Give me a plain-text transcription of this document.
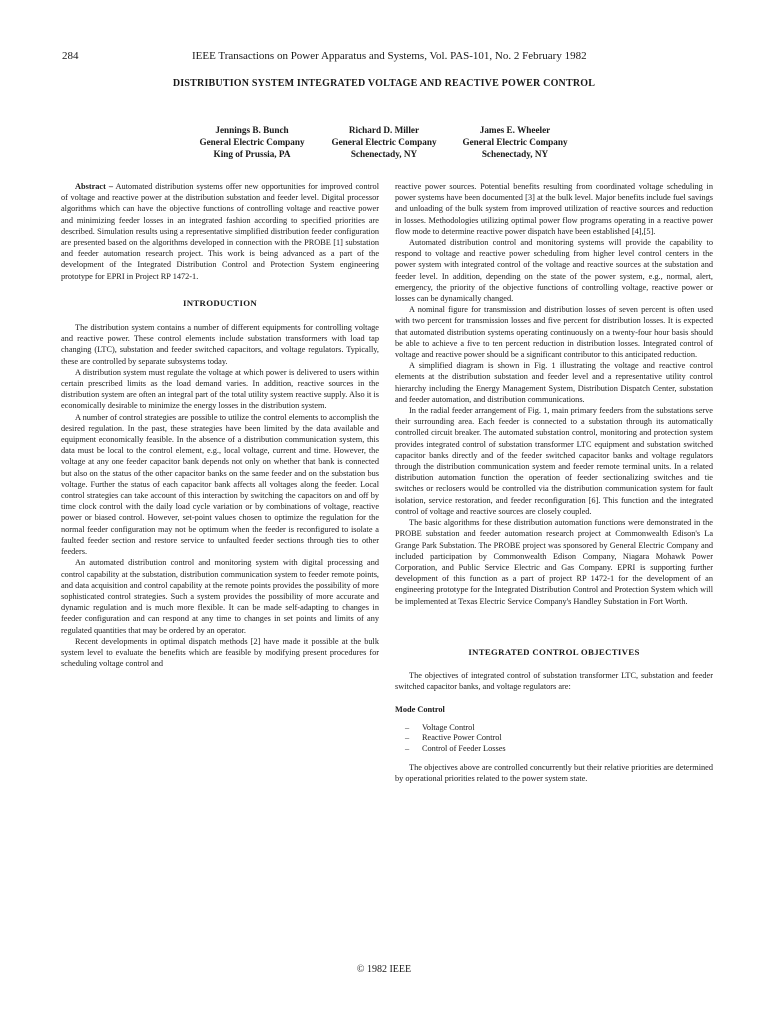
284	IEEE Transactions on Power Apparatus and Systems, Vol. PAS-101, No. 2 February 1982
DISTRIBUTION SYSTEM INTEGRATED VOLTAGE AND REACTIVE POWER CONTROL
Jennings B. Bunch
General Electric Company
King of Prussia, PA
Richard D. Miller
General Electric Company
Schenectady, NY
James E. Wheeler
General Electric Company
Schenectady, NY

Abstract – Automated distribution systems offer new opportunities for improved control of voltage and reactive power at the distribution substation and feeder level. Digital processor algorithms which can have the objective functions of controlling voltage and reactive power and minimizing feeder losses in an integrated fashion according to specified priorities are described. Simulation results using a representative simplified distribution feeder configuration are presented based on the algorithms developed in connection with the PROBE [1] substation and feeder automation research project. This work is being advanced as a part of the development of the Integrated Distribution Control and Protection System engineering prototype for EPRI in Project RP 1472-1.

INTRODUCTION

The distribution system contains a number of different equipments for controlling voltage and reactive power. These control elements include substation transformers with load tap changing (LTC), substation and feeder switched capacitors, and voltage regulators. Typically, these are controlled by separate subsystems today.

A distribution system must regulate the voltage at which power is delivered to users within certain prescribed limits as the load demand varies. In addition, reactive sources in the distribution system are often an integral part of the total utility system reactive supply. Also it is economically desirable to minimize the energy losses in the distribution system.

A number of control strategies are possible to utilize the control elements to accomplish the desired regulation. In the past, these strategies have been limited by the data available and equipment economically feasible. In the absence of a distribution communication system, this data must be local to the control element, e.g., local voltage, current and time. However, the voltage at any one feeder capacitor bank depends not only on whether that bank is connected but also on the status of the other capacitor banks on the same feeder and on the substation bus voltage. Further the status of each capacitor bank affects all voltages along the feeder. Local control strategies can take account of this interaction by switching the capacitors on and off by time clock control with the daily load cycle variation or by combinations of voltage, reactive power or biased control. However, set-point values chosen to optimize the regulation for the normal feeder configuration may not be optimum when the feeder is reconfigured to isolate a faulted feeder section and restore service to unfaulted feeder sections through ties to other feeders.

An automated distribution control and monitoring system with digital processing and control capability at the substation, distribution communication system to feeder remote points, and data acquisition and control capability at the remote points provides the possibility of more sophisticated control strategies. Such a system provides the possibility of more accurate and dynamic regulation and is much more flexible. It can be made self-adapting to changes in feeder configuration and can respond at any time to changes in set points and limits of any regulated quantities that may be ordered by an operator.

Recent developments in optimal dispatch methods [2] have made it possible at the bulk system level to evaluate the benefits which are feasible by modifying present procedures for scheduling voltage control and

reactive power sources. Potential benefits resulting from coordinated voltage scheduling in power systems have been documented [3] at the bulk level. Major benefits include fuel savings and unloading of the bulk system from improved utilization of reactive sources and reduction in losses. Methodologies utilizing optimal power flow programs operating in a reactive power flow mode to determine reactive power dispatch have been established [4],[5].

Automated distribution control and monitoring systems will provide the capability to respond to voltage and reactive power scheduling from higher level control centers in the power system with integrated control of the voltage and reactive sources at the substation and feeder level. In addition, depending on the state of the power system, e.g., normal, alert, emergency, the priority of the objective functions of controlling voltage, reactive power or losses can be dynamically changed.

A nominal figure for transmission and distribution losses of seven percent is often used with two percent for transmission losses and five percent for distribution losses. It is expected that automated distribution systems operating continuously on a twenty-four hour basis should be able to achieve a five to ten percent reduction in distribution losses. Integrated control of voltage and reactive power should be a significant contributor to this anticipated reduction.

A simplified diagram is shown in Fig. 1 illustrating the voltage and reactive control elements at the distribution substation and feeder level and a representative utility control hierarchy including the Energy Management System, Distribution Dispatch Center, substation and feeder automation, and distribution communications.

In the radial feeder arrangement of Fig. 1, main primary feeders from the substations serve their surrounding area. Each feeder is connected to a substation through its automatically controlled circuit breaker. The automated substation control, monitoring and protection system provides integrated control of substation transformer LTC equipment and substation switched capacitor banks directly and of the feeder switched capacitor banks and voltage regulators through the distribution communication system and feeder remote terminal units. In a related distribution automation function the operation of feeder sectionalizing switches and tie switches or reclosers would be controlled via the distribution communication system for fault isolation, service restoration, and feeder reconfiguration [6]. This function and the integrated control of voltage and reactive sources are closely coupled.

The basic algorithms for these distribution automation functions were demonstrated in the PROBE substation and feeder automation research project at Commonwealth Edison's La Grange Park Substation. The PROBE project was sponsored by General Electric Company and included participation by Commonwealth Edison Company, Niagara Mohawk Power Corporation, and Public Service Electric and Gas Company. EPRI is supporting further development of this function as a part of project RP 1472-1 for the development of an engineering prototype for the Integrated Distribution Control and Protection System which will be implemented at Texas Electric Service Company's Handley Substation in Fort Worth.

INTEGRATED CONTROL OBJECTIVES

The objectives of integrated control of substation transformer LTC, substation and feeder switched capacitor banks, and voltage regulators are:

Mode Control

– Voltage Control
– Reactive Power Control
– Control of Feeder Losses

The objectives above are controlled concurrently but their relative priorities are determined by operational priorities related to the power system state.

© 1982 IEEE
